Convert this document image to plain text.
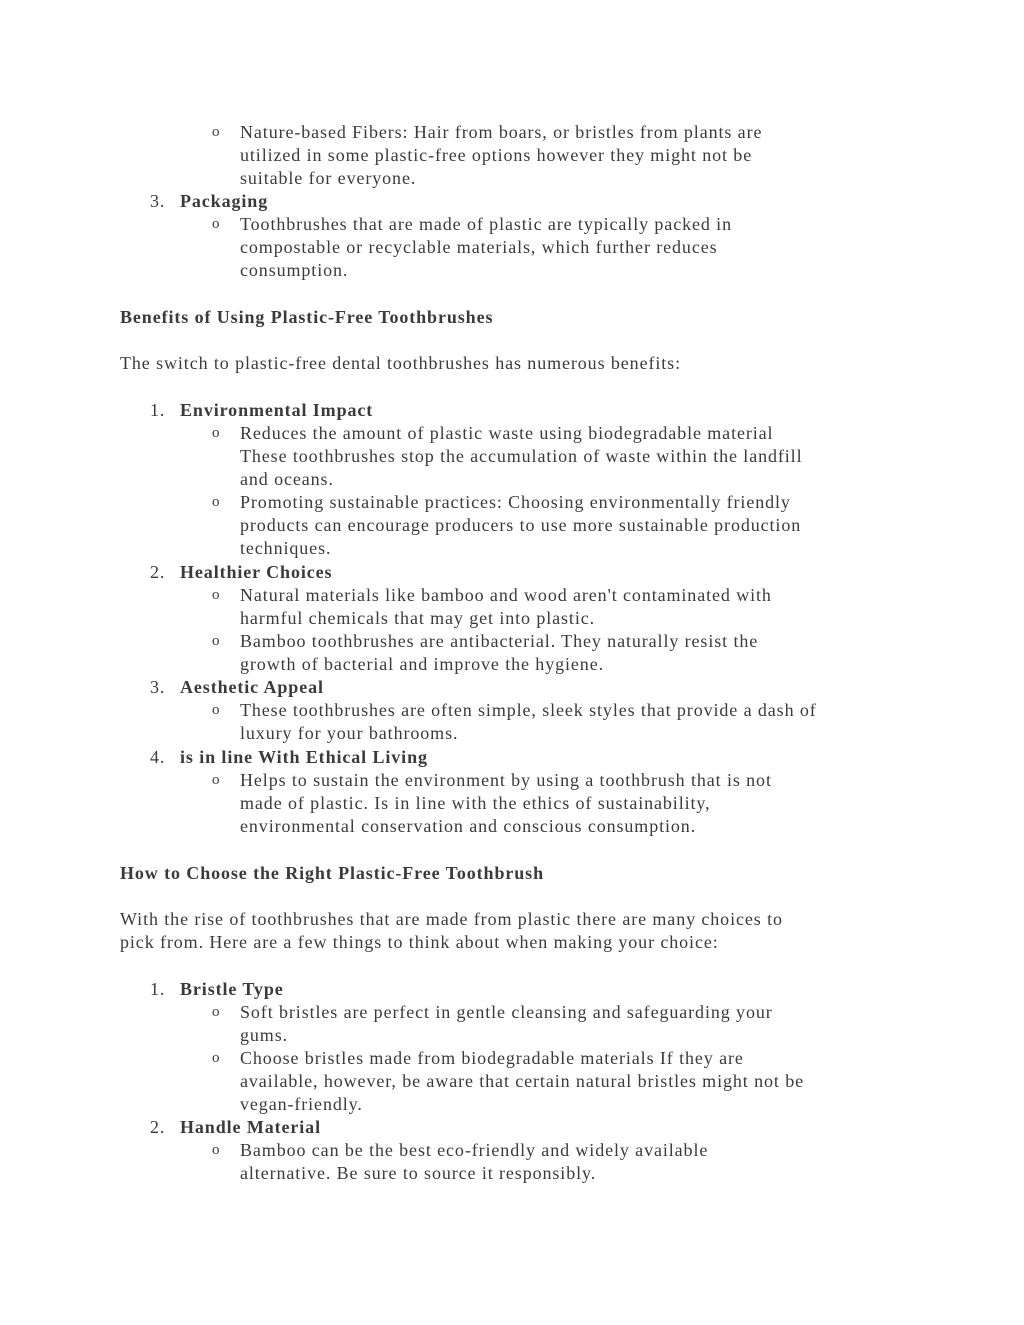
o Nature-based Fibers: Hair from boars, or bristles from plants are
utilized in some plastic-free options however they might not be
suitable for everyone.
3. Packaging
o Toothbrushes that are made of plastic are typically packed in
compostable or recyclable materials, which further reduces
consumption.
Benefits of Using Plastic-Free Toothbrushes
The switch to plastic-free dental toothbrushes has numerous benefits:
1. Environmental Impact
o Reduces the amount of plastic waste using biodegradable material
These toothbrushes stop the accumulation of waste within the landfill
and oceans.
o Promoting sustainable practices: Choosing environmentally friendly
products can encourage producers to use more sustainable production
techniques.
2. Healthier Choices
o Natural materials like bamboo and wood aren't contaminated with
harmful chemicals that may get into plastic.
o Bamboo toothbrushes are antibacterial. They naturally resist the
growth of bacterial and improve the hygiene.
3. Aesthetic Appeal
o These toothbrushes are often simple, sleek styles that provide a dash of
luxury for your bathrooms.
4. is in line With Ethical Living
o Helps to sustain the environment by using a toothbrush that is not
made of plastic. Is in line with the ethics of sustainability,
environmental conservation and conscious consumption.
How to Choose the Right Plastic-Free Toothbrush
With the rise of toothbrushes that are made from plastic there are many choices to
pick from. Here are a few things to think about when making your choice:
1. Bristle Type
o Soft bristles are perfect in gentle cleansing and safeguarding your
gums.
o Choose bristles made from biodegradable materials If they are
available, however, be aware that certain natural bristles might not be
vegan-friendly.
2. Handle Material
o Bamboo can be the best eco-friendly and widely available
alternative. Be sure to source it responsibly.
